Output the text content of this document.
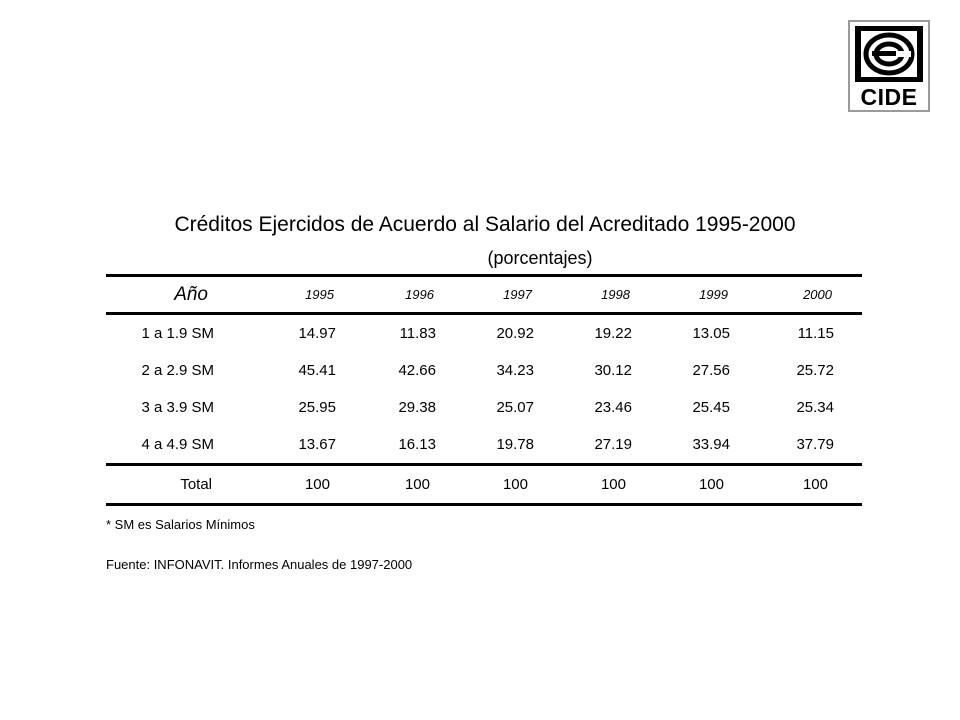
CIDE
Créditos Ejercidos de Acuerdo al Salario del Acreditado 1995-2000
(porcentajes)
Año	1995	1996	1997	1998	1999	2000
1 a 1.9 SM	14.97	11.83	20.92	19.22	13.05	11.15
2 a 2.9 SM	45.41	42.66	34.23	30.12	27.56	25.72
3 a 3.9 SM	25.95	29.38	25.07	23.46	25.45	25.34
4 a 4.9 SM	13.67	16.13	19.78	27.19	33.94	37.79
Total	100	100	100	100	100	100
* SM es Salarios Mínimos
Fuente: INFONAVIT. Informes Anuales de 1997-2000
